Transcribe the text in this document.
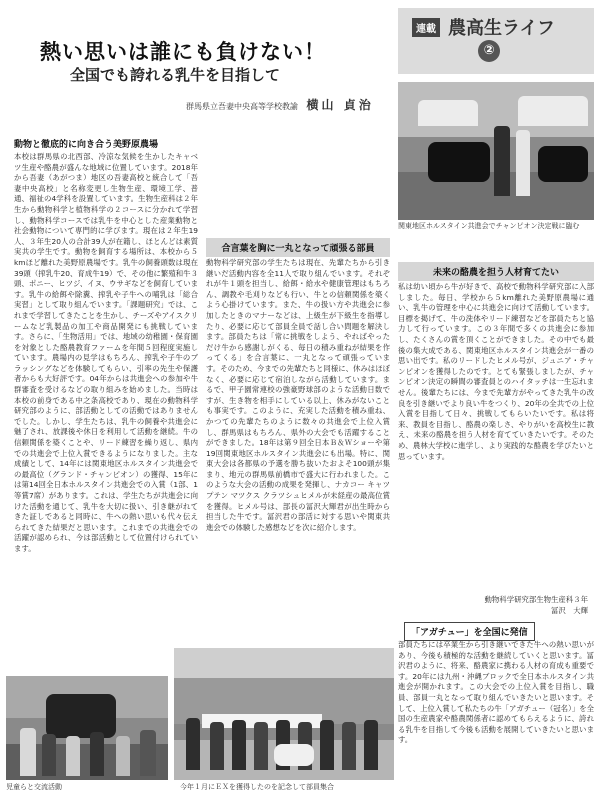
連載 農高生ライフ
②
熱い思いは誰にも負けない！
全国でも誇れる乳牛を目指して
群馬県立吾妻中央高等学校教諭 横山 貞治
関東地区ホルスタイン共進会でチャンピオン決定戦に臨む
動物と徹底的に向き合う美野原農場
本校は群馬県の北西部、冷涼な気候を生かしたキャベツ生産や酪農が盛んな地域に位置しています。2018年から吾妻（あがつま）地区の吾妻高校と統合して「吾妻中央高校」と名称変更し生物生産、環境工学、普通、福祉の4学科を設置しています。生物生産科は２年生から動物科学と植物科学の２コースに分かれて学習し、動物科学コースでは乳牛を中心とした産業動物と社会動物について専門的に学びます。現在は２年生19人、３年生20人の合計39人が在籍し、ほとんどは素質実共の学生です。動物を飼育する場所は、本校から５kmほど離れた美野原農場です。乳牛の飼養頭数は現在39頭（搾乳牛20、育成牛19）で、その他に繁殖和牛３頭、ポニー、ヒツジ、イヌ、ウサギなどを飼育しています。乳牛の給餌や除糞、搾乳や子牛への哺乳は「総合実習」として取り組んでいます。「課題研究」では、これまで学習してきたことを生かし、チーズやアイスクリームなど乳製品の加工や商品開発にも挑戦しています。さらに、「生物活用」では、地域の幼稚園・保育園を対象とした酪農教育ファームを年間５回程度実施しています。農場内の見学はもちろん、搾乳や子牛のブラッシングなどを体験してもらい、引率の先生や保護者からも大好評です。04年からは共進会への参加や牛群審査を受けるなどの取り組みを始めました。当時は本校の前身である中之条高校であり、現在の動物科学研究部のように、部活動としての活動ではありませんでした。しかし、学生たちは、乳牛の飼養や共進会に魅了され、放課後や休日を利用して活動を継続。牛の信頼関係を築くことや、リード練習を繰り返し、県内での共進会で上位入賞できるようになりました。主な成績として、14年には関東地区ホルスタイン共進会での最高位（グランド・チャンピオン）の獲得、15年には第14回全日本ホルスタイン共進会での入賞（1部、1等賞7席）があります。これは、学生たちが共進会に向けた活動を通じて、乳牛を大切に扱い、引き継がれてきた証しであると同時に、牛への熱い思いも代々伝えられてきた結果だと思います。これまでの共進会での活躍が認められ、今は部活動として位置付けられています。
合言葉を胸に一丸となって頑張る部員
動物科学研究部の学生たちは現在、先輩たちから引き継いだ活動内容を全11人で取り組んでいます。それぞれが牛１頭を担当し、給餌・給水や健康管理はもちろん、調教や毛刈りなども行い、牛との信頼関係を築くよう心掛けています。また、牛の扱い方や共進会に参加したときのマナーなどは、上級生が下級生を指導したり、必要に応じて部員全員で話し合い問題を解決します。部員たちは「常に挑戦をしよう、やればやっただけ牛から感謝しがくる、毎日の積み重ねが結果を作ってくる」を合言葉に、一丸となって頑張っています。そのため、今までの先輩たちと同様に、休みはほぼなく、必要に応じて宿泊しながら活動しています。まるで、甲子園常連校の強豪野球部のような活動日数ですが、生き物を相手にしている以上、休みがないことも事実です。このように、充実した活動を積み重ね、かつての先輩たちのように数々の共進会で上位入賞し、群馬県はもちろん、県外の大会でも活躍することができました。18年は第９回全日本Ｂ＆Ｗショーや第19回関東地区ホルスタイン共進会にも出場。特に、関東大会は各都県の予選を勝ち抜いたおよそ100頭が集まり、地元の群馬県前橋市で盛大に行われました。このような大会の活動の成果を発揮し、ナカコー キャツプテン マツクス クラツシュヒメルが未経産の最高位賞を獲得。ヒメル号は、部長の冨沢大輝君が出生時から担当した牛です。冨沢君の部活に対する思いや関東共進会での体験した感想などを次に紹介します。
未来の酪農を担う人材育てたい
私は幼い頃から牛が好きで、高校で動物科学研究部に入部しました。毎日、学校から５km離れた美野原農場に通い、乳牛の管理を中心に共進会に向けて活動しています。目標を掲げて、牛の洗体やリード練習などを部員たちと協力して行っています。この３年間で多くの共進会に参加し、たくさんの賞を頂くことができました。その中でも最後の集大成である、関東地区ホルスタイン共進会が一番の思い出です。私のリードしたヒメル号が、ジュニア・チャンピオンを獲得したのです。とても緊張しましたが、チャンピオン決定の瞬間の審査員とのハイタッチは一生忘れません。後輩たちには、今まで先輩方がやってきた乳牛の改良を引き継いでより良い牛をつくり、20年の全共での上位入賞を目指して日々、挑戦してもらいたいです。私は将来、教員を目指し、酪農の楽しさ、やりがいを高校生に教え、未来の酪農を担う人材を育てていきたいです。そのため、農林大学校に進学し、より実践的な酪農を学びたいと思っています。
動物科学研究部生物生産科３年
冨沢　大輝
「アガチュー」を全国に発信
部員たちには卒業生から引き継いできた牛への熱い思いがあり、今後も積極的な活動を継続していくと思います。冨沢君のように、将来、酪農家に携わる人材の育成も重要です。20年には九州・沖縄ブロックで全日本ホルスタイン共進会が開かれます。この大会での上位入賞を目指し、職員、部員一丸となって取り組んでいきたいと思います。そして、上位入賞して私たちの牛「アガチュー（冠名）」を全国の生産農家や酪農関係者に認めてもらえるように、誇れる乳牛を目指して今後も活動を展開していきたいと思います。
児童らと交流活動	今年１月にＥＸを獲得したのを記念して部員集合
